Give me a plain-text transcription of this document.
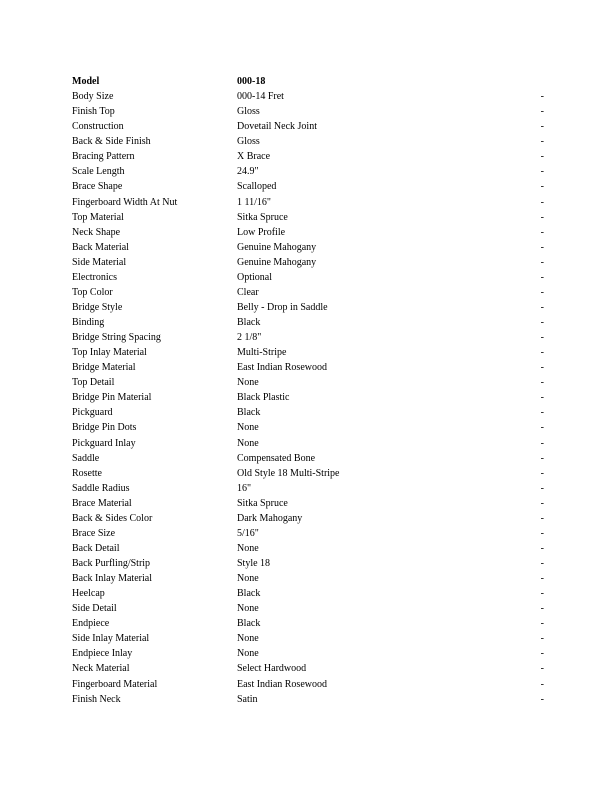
Model	000-18	
Body Size	000-14 Fret	-
Finish Top	Gloss	-
Construction	Dovetail Neck Joint	-
Back & Side Finish	Gloss	-
Bracing Pattern	X Brace	-
Scale Length	24.9"	-
Brace Shape	Scalloped	-
Fingerboard Width At Nut	1 11/16"	-
Top Material	Sitka Spruce	-
Neck Shape	Low Profile	-
Back Material	Genuine Mahogany	-
Side Material	Genuine Mahogany	-
Electronics	Optional	-
Top Color	Clear	-
Bridge Style	Belly - Drop in Saddle	-
Binding	Black	-
Bridge String Spacing	2 1/8"	-
Top Inlay Material	Multi-Stripe	-
Bridge Material	East Indian Rosewood	-
Top Detail	None	-
Bridge Pin Material	Black Plastic	-
Pickguard	Black	-
Bridge Pin Dots	None	-
Pickguard Inlay	None	-
Saddle	Compensated Bone	-
Rosette	Old Style 18 Multi-Stripe	-
Saddle Radius	16"	-
Brace Material	Sitka Spruce	-
Back & Sides Color	Dark Mahogany	-
Brace Size	5/16"	-
Back Detail	None	-
Back Purfling/Strip	Style 18	-
Back Inlay Material	None	-
Heelcap	Black	-
Side Detail	None	-
Endpiece	Black	-
Side Inlay Material	None	-
Endpiece Inlay	None	-
Neck Material	Select Hardwood	-
Fingerboard Material	East Indian Rosewood	-
Finish Neck	Satin	-
